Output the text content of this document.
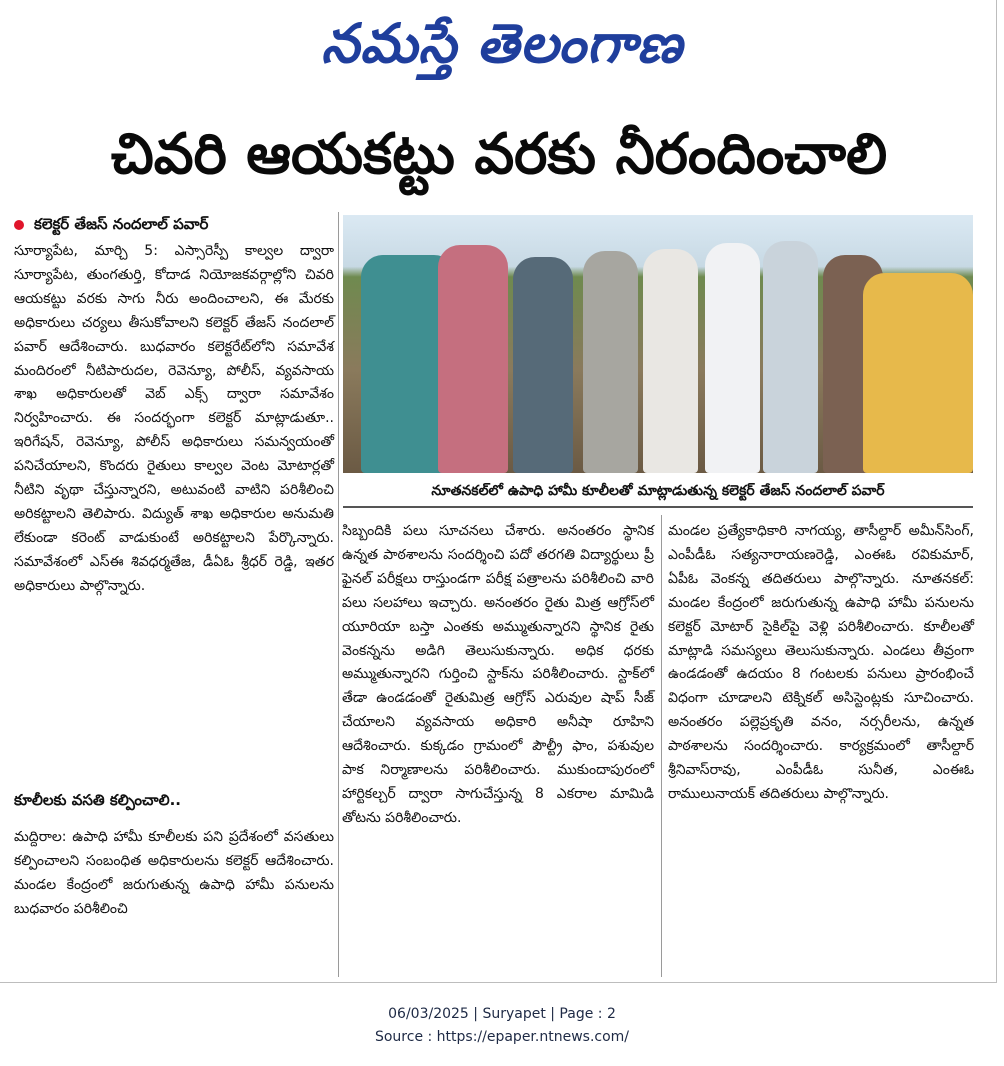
నమస్తే తెలంగాణ
చివరి ఆయకట్టు వరకు నీరందించాలి
కలెక్టర్ తేజస్ నందలాల్ పవార్
సూర్యాపేట, మార్చి 5: ఎస్సారెస్పీ కాల్వల ద్వారా సూర్యాపేట, తుంగతుర్తి, కోదాడ నియోజకవర్గాల్లోని చివరి ఆయకట్టు వరకు సాగు నీరు అందించాలని, ఈ మేరకు అధికారులు చర్యలు తీసుకోవాలని కలెక్టర్ తేజస్ నందలాల్ పవార్ ఆదేశించారు. బుధవారం కలెక్టరేట్‌లోని సమావేశ మందిరంలో నీటిపారుదల, రెవెన్యూ, పోలీస్, వ్యవసాయ శాఖ అధికారులతో వెబ్ ఎక్స్ ద్వారా సమావేశం నిర్వహించారు. ఈ సందర్భంగా కలెక్టర్ మాట్లాడుతూ.. ఇరిగేషన్, రెవెన్యూ, పోలీస్ అధికారులు సమన్వయంతో పనిచేయాలని, కొందరు రైతులు కాల్వల వెంట మోటార్లతో నీటిని వృథా చేస్తున్నారని, అటువంటి వాటిని పరిశీలించి అరికట్టాలని తెలిపారు. విద్యుత్ శాఖ అధికారుల అనుమతి లేకుండా కరెంట్ వాడుకుంటే అరికట్టాలని పేర్కొన్నారు. సమావేశంలో ఎస్ఈ శివధర్మతేజ, డీఏఓ శ్రీధర్ రెడ్డి, ఇతర అధికారులు పాల్గొన్నారు.
కూలీలకు వసతి కల్పించాలి..
మద్దిరాల: ఉపాధి హామీ కూలీలకు పని ప్రదేశంలో వసతులు కల్పించాలని సంబంధిత అధికారులను కలెక్టర్ ఆదేశించారు. మండల కేంద్రంలో జరుగుతున్న ఉపాధి హామీ పనులను బుధవారం పరిశీలించి
నూతనకల్‌లో ఉపాధి హామీ కూలీలతో మాట్లాడుతున్న కలెక్టర్ తేజస్ నందలాల్ పవార్
సిబ్బందికి పలు సూచనలు చేశారు. అనంతరం స్థానిక ఉన్నత పాఠశాలను సందర్శించి పదో తరగతి విద్యార్థులు ప్రీ ఫైనల్ పరీక్షలు రాస్తుండగా పరీక్ష పత్రాలను పరిశీలించి వారి పలు సలహాలు ఇచ్చారు. అనంతరం రైతు మిత్ర ఆగ్రోస్‌లో యూరియా బస్తా ఎంతకు అమ్ముతున్నారని స్థానిక రైతు వెంకన్నను అడిగి తెలుసుకున్నారు. అధిక ధరకు అమ్ముతున్నారని గుర్తించి స్టాక్‌ను పరిశీలించారు. స్టాక్‌లో తేడా ఉండడంతో రైతుమిత్ర ఆగ్రోస్ ఎరువుల షాప్ సీజ్ చేయాలని వ్యవసాయ అధికారి అనీషా రూహిని ఆదేశించారు. కుక్కడం గ్రామంలో పౌల్ట్రీ ఫాం, పశువుల పాక నిర్మాణాలను పరిశీలించారు. ముకుందాపురంలో హార్టికల్చర్ ద్వారా సాగుచేస్తున్న 8 ఎకరాల మామిడి తోటను పరిశీలించారు.
మండల ప్రత్యేకాధికారి నాగయ్య, తాసీల్దార్ అమీన్‌సింగ్, ఎంపీడీఓ సత్యనారాయణరెడ్డి, ఎంఈఓ రవికుమార్, ఏపీఓ వెంకన్న తదితరులు పాల్గొన్నారు. నూతనకల్: మండల కేంద్రంలో జరుగుతున్న ఉపాధి హామీ పనులను కలెక్టర్ మోటార్ సైకిల్‌పై వెళ్లి పరిశీలించారు. కూలీలతో మాట్లాడి సమస్యలు తెలుసుకున్నారు. ఎండలు తీవ్రంగా ఉండడంతో ఉదయం 8 గంటలకు పనులు ప్రారంభించే విధంగా చూడాలని టెక్నికల్ అసిస్టెంట్లకు సూచించారు. అనంతరం పల్లెప్రకృతి వనం, నర్సరీలను, ఉన్నత పాఠశాలను సందర్శించారు. కార్యక్రమంలో తాసీల్దార్ శ్రీనివాస్‌రావు, ఎంపీడీఓ సునీత, ఎంఈఓ రాములునాయక్ తదితరులు పాల్గొన్నారు.
06/03/2025 | Suryapet | Page : 2
Source : https://epaper.ntnews.com/
